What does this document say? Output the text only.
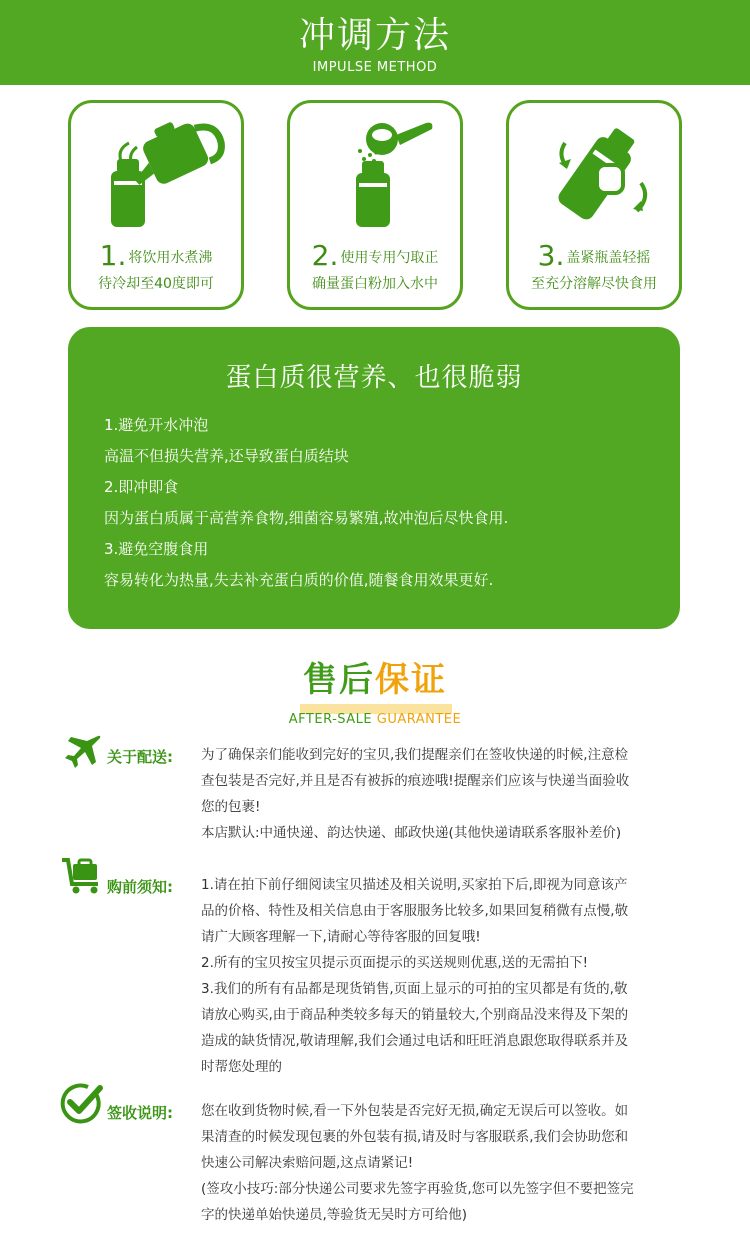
冲调方法
IMPULSE METHOD
1. 将饮用水煮沸
待冷却至40度即可
2. 使用专用勺取正
确量蛋白粉加入水中
3. 盖紧瓶盖轻摇
至充分溶解尽快食用
蛋白质很营养、也很脆弱
1.避免开水冲泡
高温不但损失营养,还导致蛋白质结块
2.即冲即食
因为蛋白质属于高营养食物,细菌容易繁殖,故冲泡后尽快食用.
3.避免空腹食用
容易转化为热量,失去补充蛋白质的价值,随餐食用效果更好.
售后保证
AFTER-SALE GUARANTEE
关于配送: 为了确保亲们能收到完好的宝贝,我们提醒亲们在签收快递的时候,注意检
查包装是否完好,并且是否有被拆的痕迹哦!提醒亲们应该与快递当面验收
您的包裹!
本店默认:中通快递、韵达快递、邮政快递(其他快递请联系客服补差价)
购前须知: 1.请在拍下前仔细阅读宝贝描述及相关说明,买家拍下后,即视为同意该产
品的价格、特性及相关信息由于客服服务比较多,如果回复稍微有点慢,敬
请广大顾客理解一下,请耐心等待客服的回复哦!
2.所有的宝贝按宝贝提示页面提示的买送规则优惠,送的无需拍下!
3.我们的所有有品都是现货销售,页面上显示的可拍的宝贝都是有货的,敬
请放心购买,由于商品种类较多每天的销量较大,个别商品没来得及下架的
造成的缺货情况,敬请理解,我们会通过电话和旺旺消息跟您取得联系并及
时帮您处理的
签收说明: 您在收到货物时候,看一下外包装是否完好无损,确定无误后可以签收。如
果清查的时候发现包裹的外包装有损,请及时与客服联系,我们会协助您和
快速公司解决索赔问题,这点请紧记!
(签攻小技巧:部分快递公司要求先签字再验货,您可以先签字但不要把签完
字的快递单始快递员,等验货无吴时方可给他)
